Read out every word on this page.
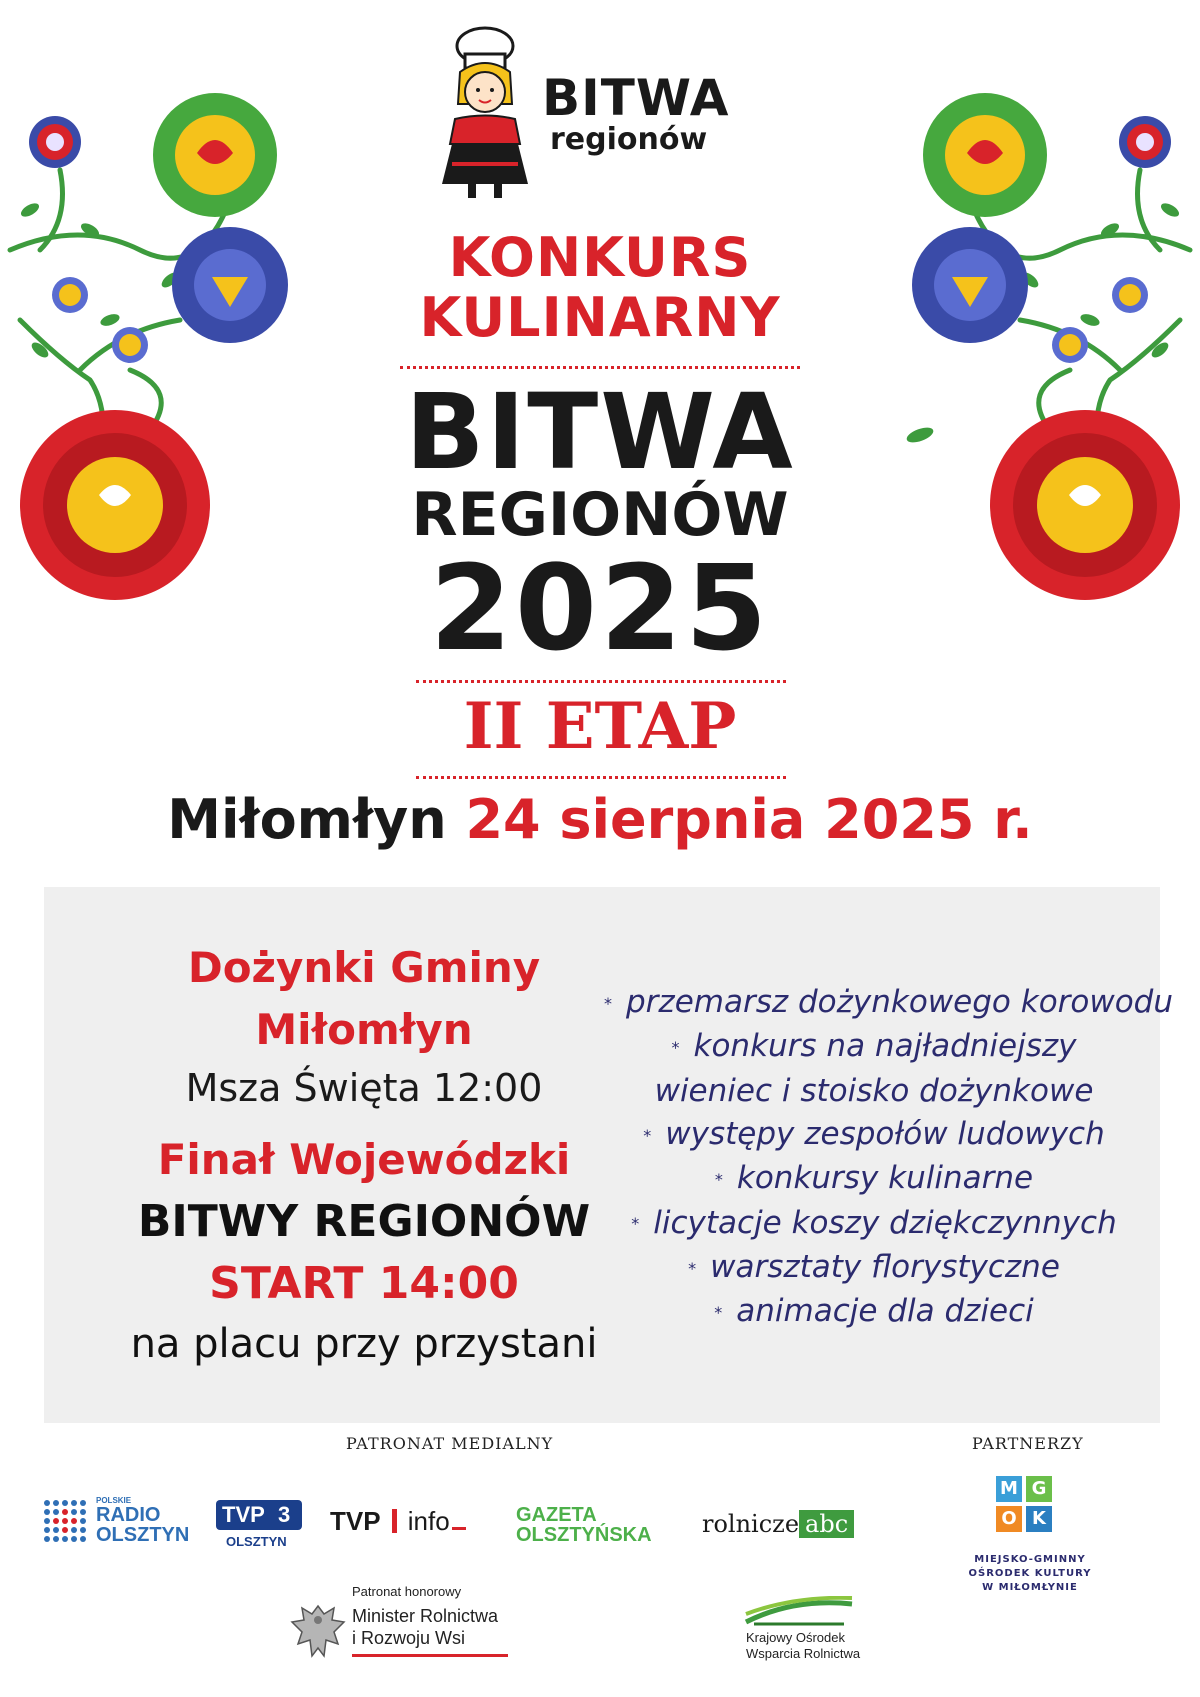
BITWA
regionów
KONKURS
KULINARNY
BITWA
REGIONÓW
2025
II ETAP
Miłomłyn 24 sierpnia 2025 r.
Dożynki Gminy
Miłomłyn
Msza Święta 12:00
Finał Wojewódzki
BITWY REGIONÓW
START 14:00
na placu przy przystani
* przemarsz dożynkowego korowodu
* konkurs na najładniejszy
wieniec i stoisko dożynkowe
* występy zespołów ludowych
* konkursy kulinarne
* licytacje koszy dziękczynnych
* warsztaty florystyczne
* animacje dla dzieci
PATRONAT MEDIALNY	PARTNERZY
POLSKIE
RADIO
OLSZTYN
TVP 3
OLSZTYN
TVP info	GAZETA
OLSZTYŃSKA rolnicze abc
M G
O K
MIEJSKO-GMINNY
OŚRODEK KULTURY
W MIŁOMŁYNIE
Patronat honorowy
Minister Rolnictwa
i Rozwoju Wsi	Krajowy Ośrodek
Wsparcia Rolnictwa
